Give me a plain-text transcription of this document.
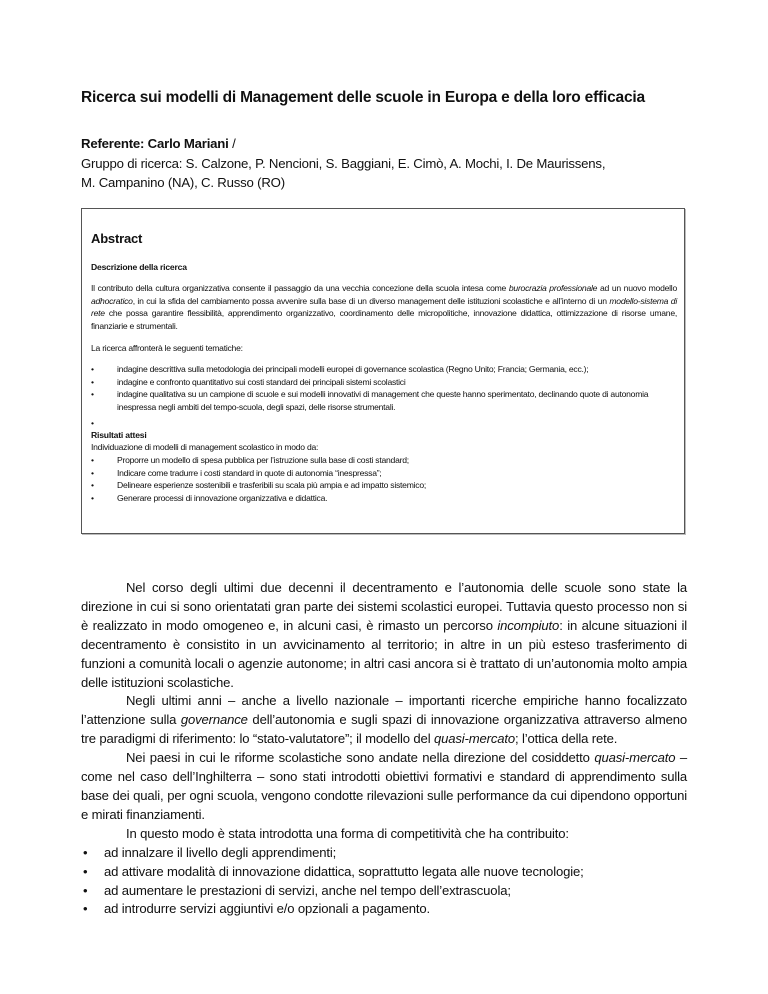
Ricerca sui modelli di Management delle scuole in Europa e della loro efficacia
Referente: Carlo Mariani /
Gruppo di ricerca: S. Calzone, P. Nencioni, S. Baggiani, E. Cimò, A. Mochi, I. De Maurissens,
M. Campanino (NA), C. Russo (RO)
Abstract
Descrizione della ricerca
Il contributo della cultura organizzativa consente il passaggio da una vecchia concezione della scuola intesa come burocrazia professionale ad un nuovo modello adhocratico, in cui la sfida del cambiamento possa avvenire sulla base di un diverso management delle istituzioni scolastiche e all’interno di un modello-sistema di rete che possa garantire flessibilità, apprendimento organizzativo, coordinamento delle micropolitiche, innovazione didattica, ottimizzazione di risorse umane, finanziarie e strumentali.
La ricerca affronterà le seguenti tematiche:
•	indagine descrittiva sulla metodologia dei principali modelli europei di governance scolastica (Regno Unito; Francia; Germania, ecc.);
•	indagine e confronto quantitativo sui costi standard dei principali sistemi scolastici
•	indagine qualitativa su un campione di scuole e sui modelli innovativi di management che queste hanno sperimentato, declinando quote di autonomia inespressa negli ambiti del tempo-scuola, degli spazi, delle risorse strumentali.
•
Risultati attesi
Individuazione di modelli di management scolastico in modo da:
•	Proporre un modello di spesa pubblica per l’istruzione sulla base di costi standard;
•	Indicare come tradurre i costi standard in quote di autonomia “inespressa”;
•	Delineare esperienze sostenibili e trasferibili su scala più ampia e ad impatto sistemico;
•	Generare processi di innovazione organizzativa e didattica.

Nel corso degli ultimi due decenni il decentramento e l’autonomia delle scuole sono state la direzione in cui si sono orientatati gran parte dei sistemi scolastici europei. Tuttavia questo processo non si è realizzato in modo omogeneo e, in alcuni casi, è rimasto un percorso incompiuto: in alcune situazioni il decentramento è consistito in un avvicinamento al territorio; in altre in un più esteso trasferimento di funzioni a comunità locali o agenzie autonome; in altri casi ancora si è trattato di un’autonomia molto ampia delle istituzioni scolastiche.

Negli ultimi anni – anche a livello nazionale – importanti ricerche empiriche hanno focalizzato l’attenzione sulla governance dell’autonomia e sugli spazi di innovazione organizzativa attraverso almeno tre paradigmi di riferimento: lo “stato-valutatore”; il modello del quasi-mercato; l’ottica della rete.

Nei paesi in cui le riforme scolastiche sono andate nella direzione del cosiddetto quasi-mercato – come nel caso dell’Inghilterra – sono stati introdotti obiettivi formativi e standard di apprendimento sulla base dei quali, per ogni scuola, vengono condotte rilevazioni sulle performance da cui dipendono opportuni e mirati finanziamenti.

In questo modo è stata introdotta una forma di competitività che ha contribuito:

• ad innalzare il livello degli apprendimenti;
• ad attivare modalità di innovazione didattica, soprattutto legata alle nuove tecnologie;
• ad aumentare le prestazioni di servizi, anche nel tempo dell’extrascuola;
• ad introdurre servizi aggiuntivi e/o opzionali a pagamento.
